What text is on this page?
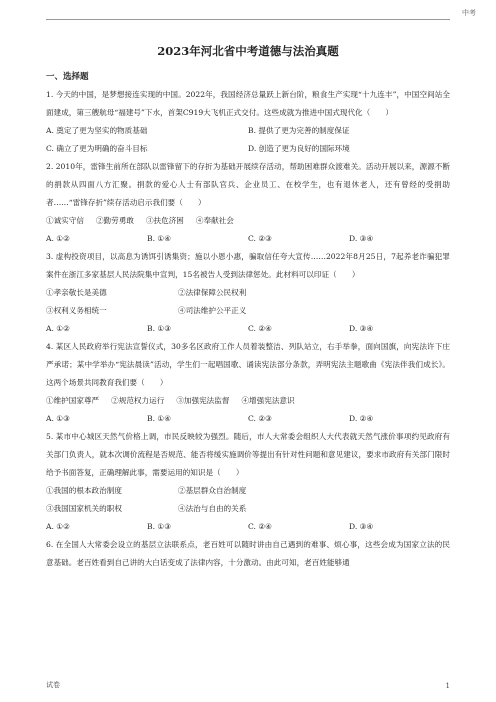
中考
2023年河北省中考道德与法治真题
一、选择题
1. 今天的中国，是梦想接连实现的中国。2022年，我国经济总量跃上新台阶，粮食生产实现“十九连丰”，中国空间站全面建成，第三艘航母“福建号”下水，首架C919大飞机正式交付。这些成就为推进中国式现代化（　　）
A. 奠定了更为坚实的物质基础	B. 提供了更为完善的制度保证
C. 确立了更为明确的奋斗目标	D. 创造了更为良好的国际环境
2. 2010年，雷锋生前所在部队以雷锋留下的存折为基础开展续存活动，帮助困难群众渡难关。活动开展以来，源源不断的捐款从四面八方汇聚。捐款的爱心人士有部队官兵、企业员工、在校学生，也有退休老人，还有曾经的受捐助者……“雷锋存折”续存活动启示我们要（　　）
①诚实守信 ②勤劳勇敢 ③扶危济困 ④奉献社会
A. ①②	B. ①④	C. ②③	D. ③④
3. 虚构投资项目，以高息为诱饵引诱集资；施以小恩小惠，骗取信任夸大宣传……2022年8月25日，7起养老诈骗犯罪案件在浙江多家基层人民法院集中宣判，15名被告人受到法律惩处。此材料可以印证（　　）
①孝亲敬长是美德	②法律保障公民权利
③权利义务相统一	④司法维护公平正义
A. ①②	B. ①③	C. ②④	D. ③④
4. 某区人民政府举行宪法宣誓仪式，30多名区政府工作人员着装整洁、列队站立，右手举拳，面向国旗，向宪法许下庄严承诺；某中学举办“宪法晨读”活动，学生们一起唱国歌、诵读宪法部分条款，弄明宪法主题歌曲《宪法伴我们成长》。这两个场景共同教育我们要（　　）
①维护国家尊严 ②规范权力运行 ③加强宪法监督 ④增强宪法意识
A. ①③	B. ①④	C. ②③	D. ②④
5. 某市中心城区天然气价格上调，市民反映较为强烈。随后，市人大常委会组织人大代表就天然气涨价事项约见政府有关部门负责人，就本次调价流程是否规范、能否将缓实施调价等提出有针对性问题和意见建议，要求市政府有关部门限时给予书面答复，正确理解此事，需要运用的知识是（　　）
①我国的根本政治制度	②基层群众自治制度
③我国国家机关的职权	④法治与自由的关系
A. ①②	B. ①③	C. ②④	D. ③④
6. 在全国人大常委会设立的基层立法联系点，老百姓可以随时讲由自己遇到的难事、烦心事，这些会成为国家立法的民意基础。老百姓看到自己讲的大白话变成了法律内容，十分激动。由此可知，老百姓能够通
试卷	1
